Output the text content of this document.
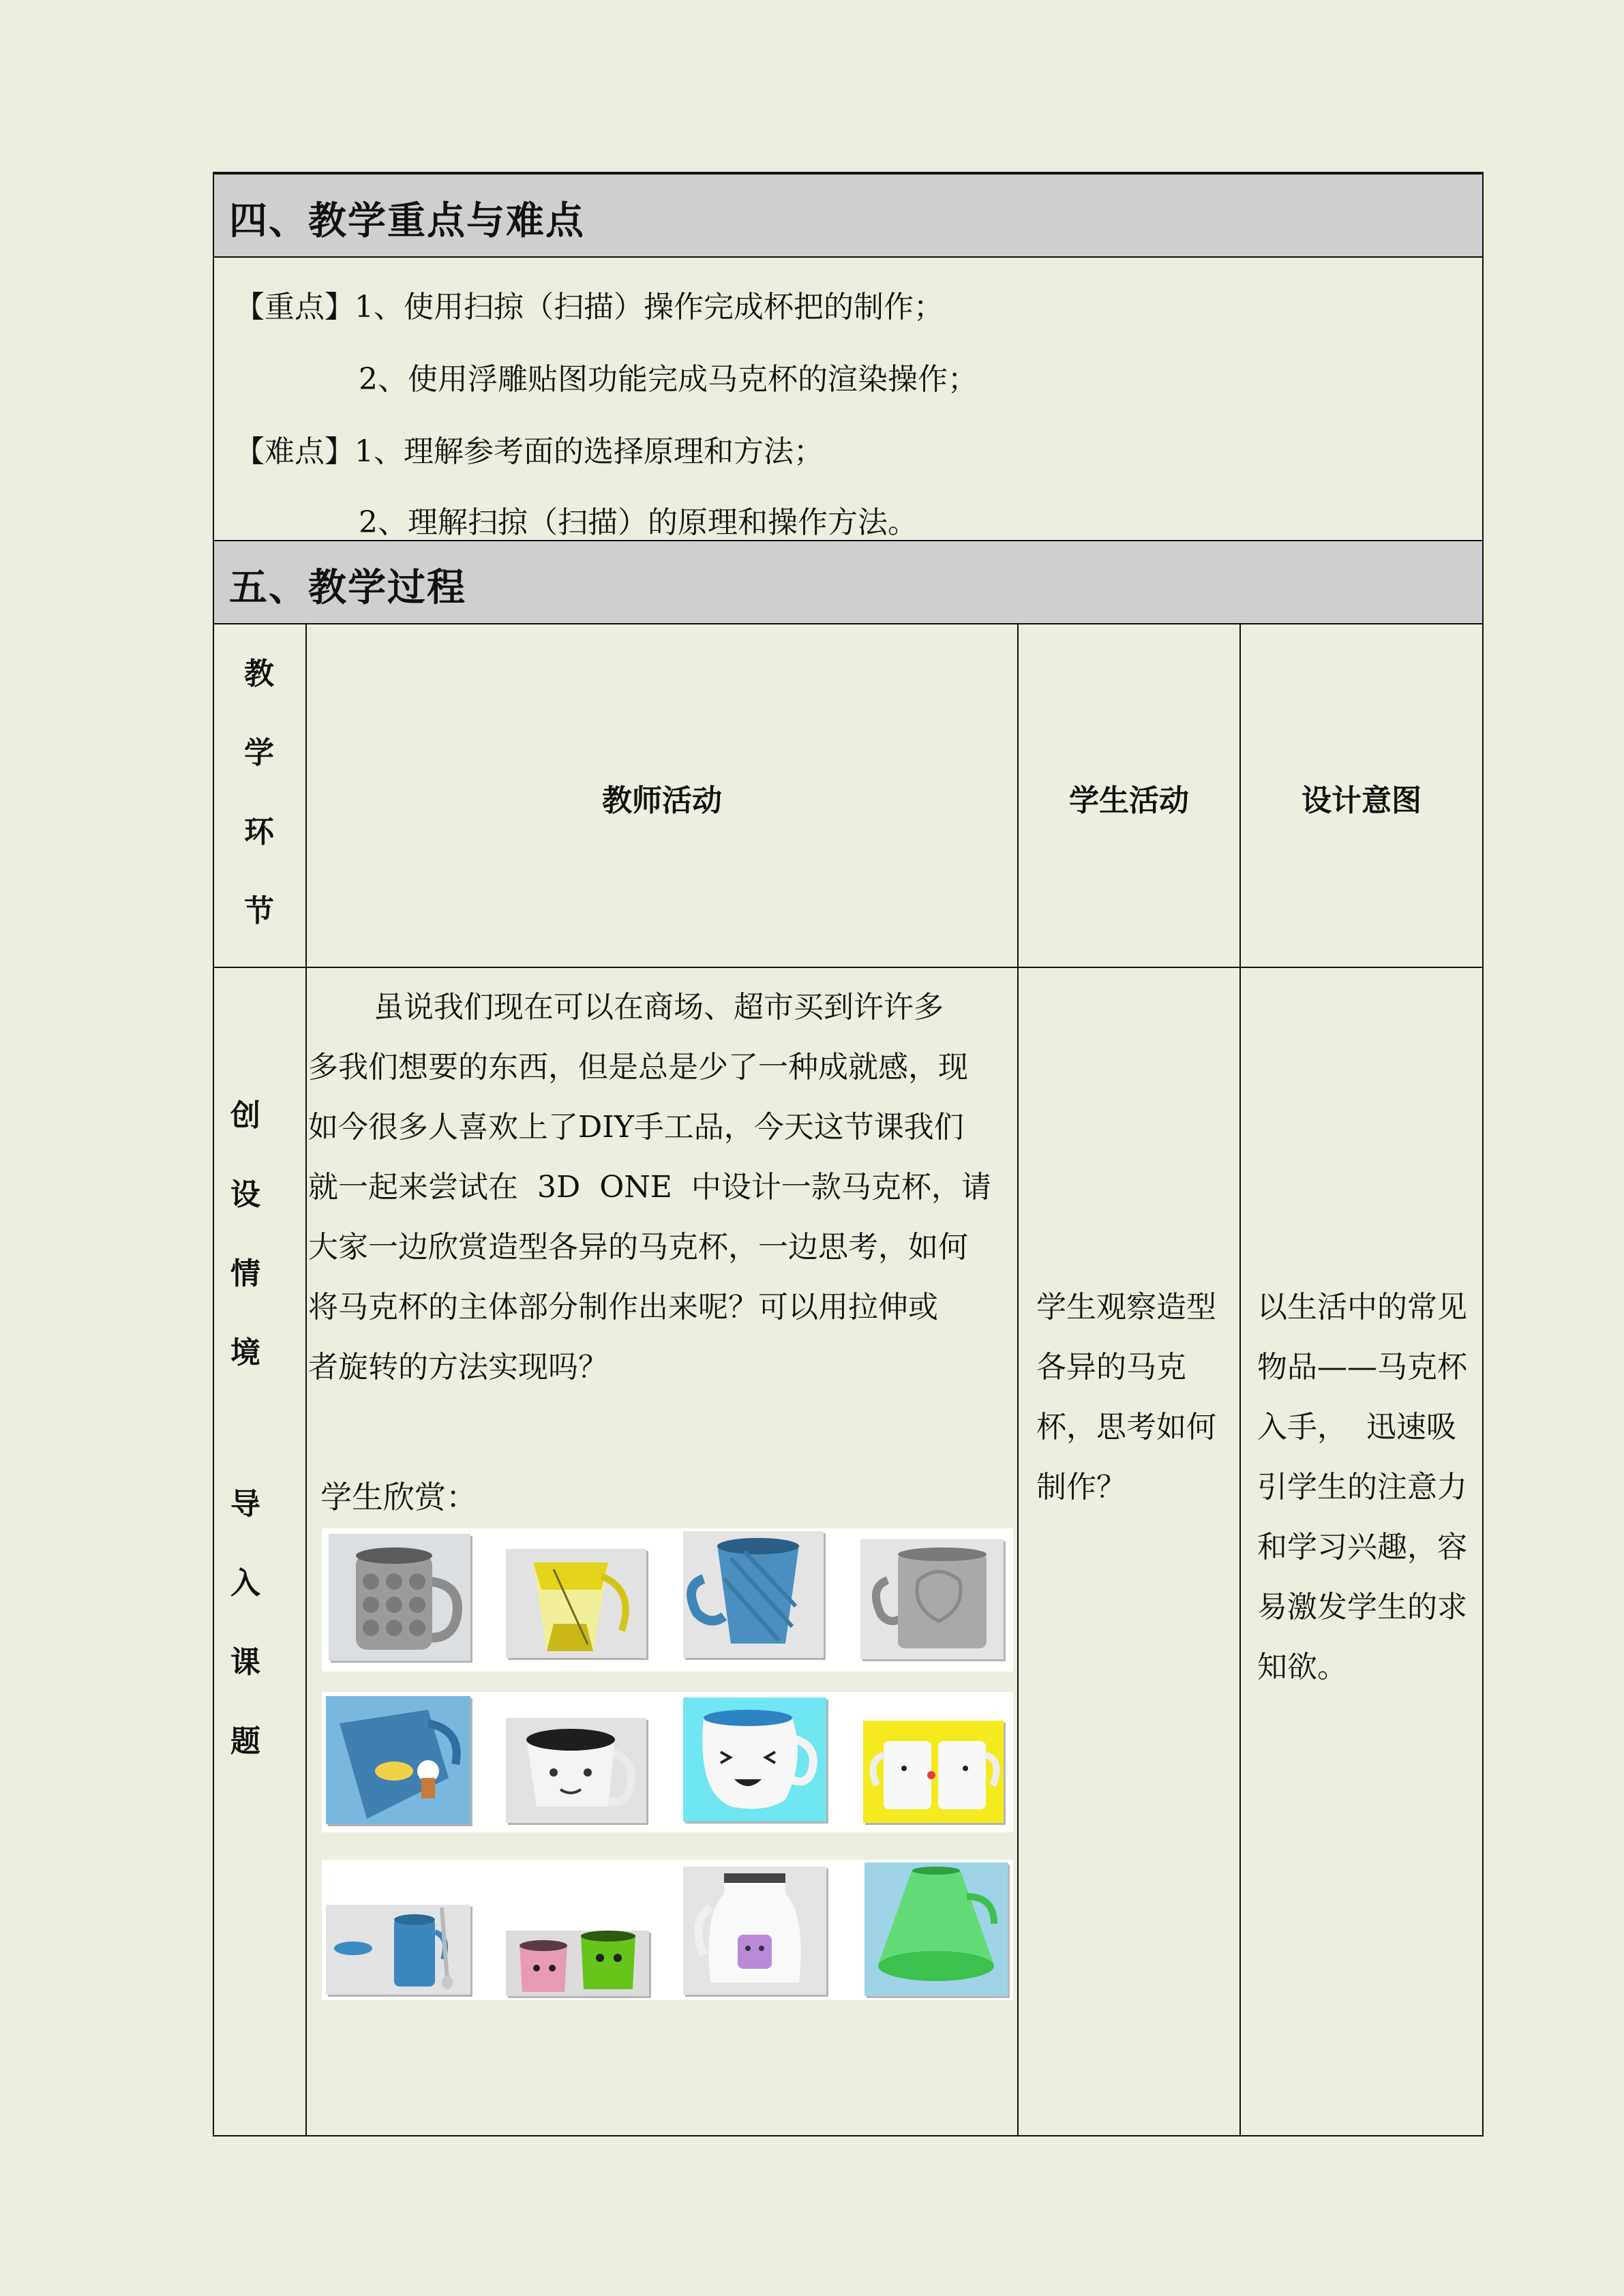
四、教学重点与难点
【重点】1、使用扫掠（扫描）操作完成杯把的制作；
2、使用浮雕贴图功能完成马克杯的渲染操作；
【难点】1、理解参考面的选择原理和方法；
2、理解扫掠（扫描）的原理和操作方法。
五、教学过程
教
学
环
节
教师活动	学生活动	设计意图
创
设
情
境
导
入
课
题
虽说我们现在可以在商场、超市买到许许多
多我们想要的东西，但是总是少了一种成就感，现
如今很多人喜欢上了DIY手工品，今天这节课我们
就一起来尝试在  3D  ONE  中设计一款马克杯，请
大家一边欣赏造型各异的马克杯，一边思考，如何
将马克杯的主体部分制作出来呢？可以用拉伸或
者旋转的方法实现吗？
学生欣赏：
学生观察造型
各异的马克
杯，思考如何
制作？
以生活中的常见
物品——马克杯
入手，  迅速吸
引学生的注意力
和学习兴趣，容
易激发学生的求
知欲。
